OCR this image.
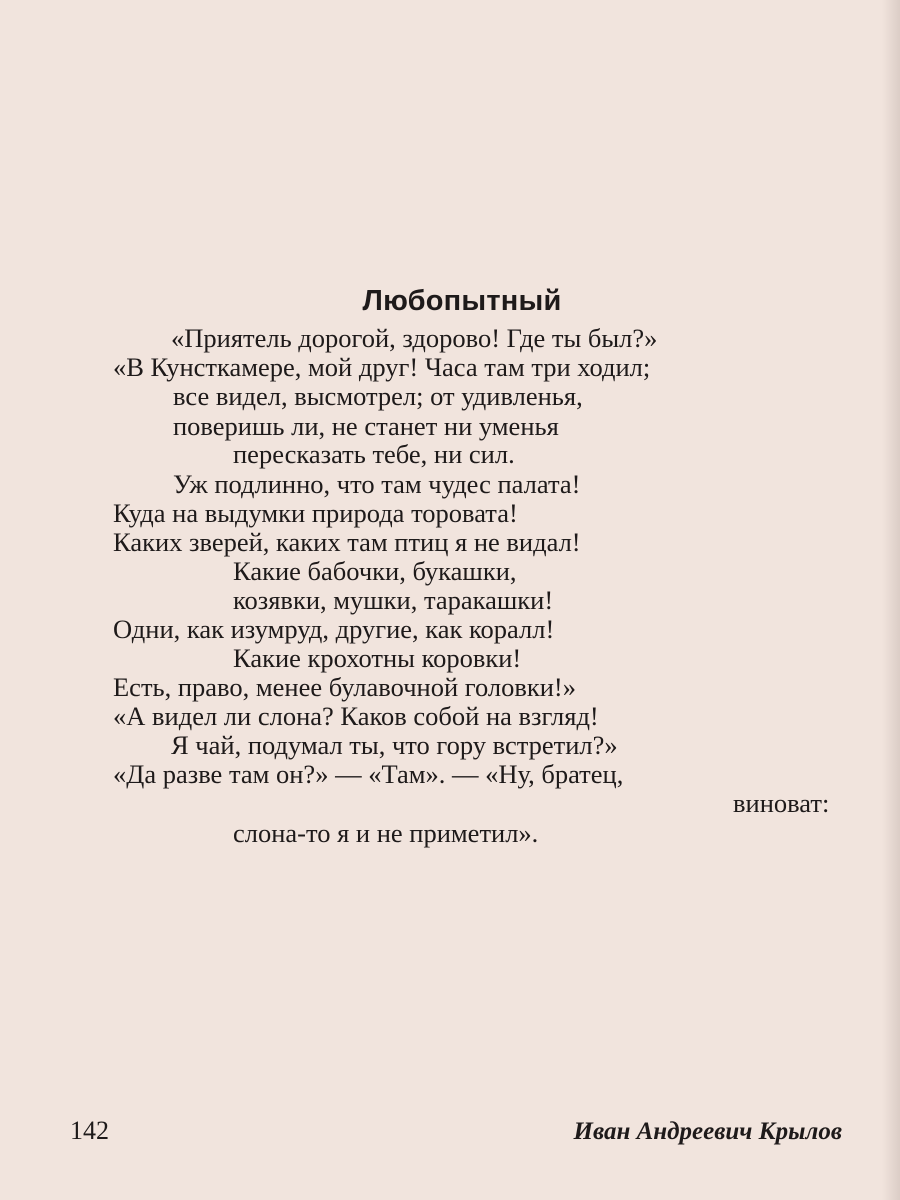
Любопытный
«Приятель дорогой, здорово! Где ты был?»
«В Кунсткамере, мой друг! Часа там три ходил;
все видел, высмотрел; от удивленья,
поверишь ли, не станет ни уменья
пересказать тебе, ни сил.
Уж подлинно, что там чудес палата!
Куда на выдумки природа торовата!
Каких зверей, каких там птиц я не видал!
Какие бабочки, букашки,
козявки, мушки, таракашки!
Одни, как изумруд, другие, как коралл!
Какие крохотны коровки!
Есть, право, менее булавочной головки!»
«А видел ли слона? Каков собой на взгляд!
Я чай, подумал ты, что гору встретил?»
«Да разве там он?» — «Там». — «Ну, братец,
виноват:
слона-то я и не приметил».
142	Иван Андреевич Крылов
